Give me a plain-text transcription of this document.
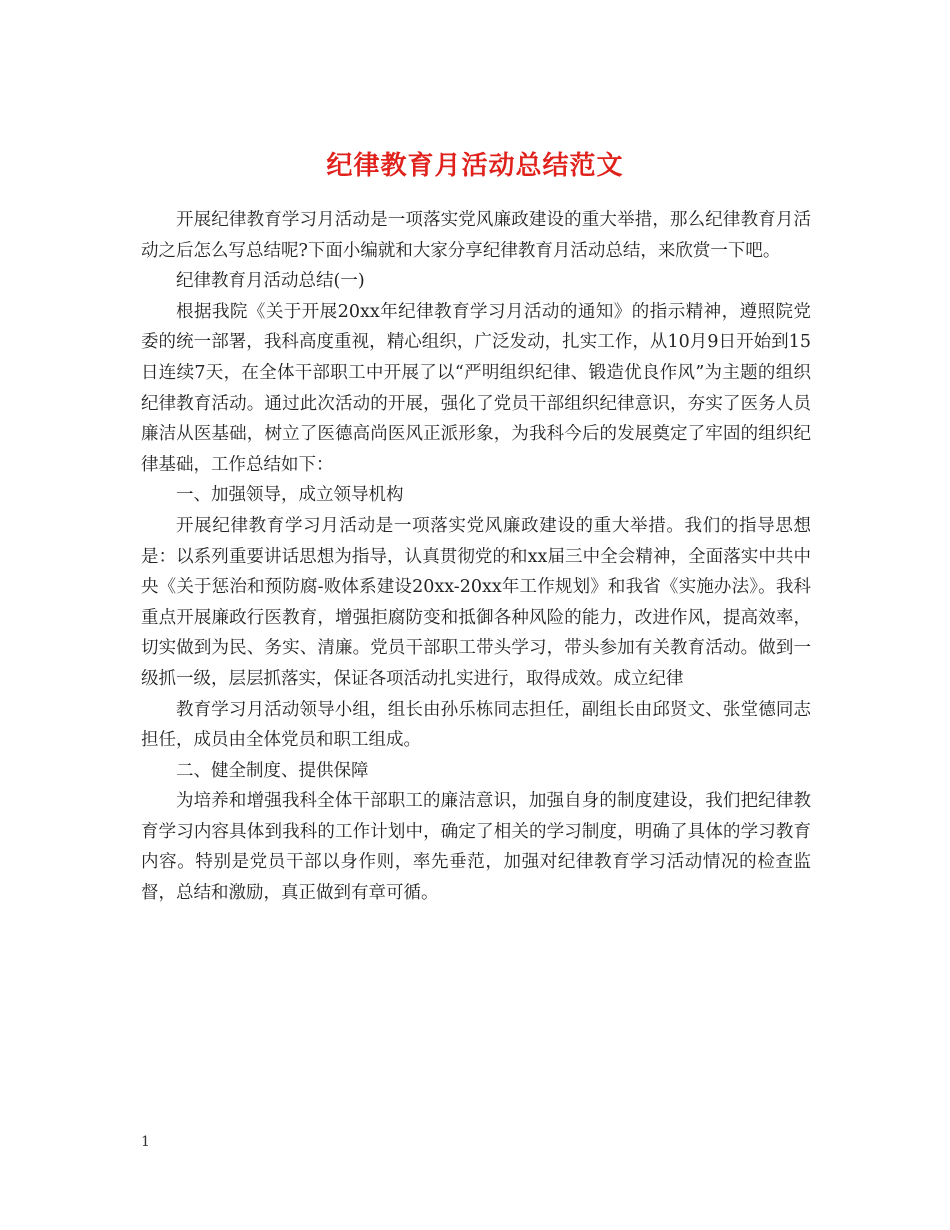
纪律教育月活动总结范文

开展纪律教育学习月活动是一项落实党风廉政建设的重大举措，那么纪律教育月活动之后怎么写总结呢?下面小编就和大家分享纪律教育月活动总结，来欣赏一下吧。

纪律教育月活动总结(一)

根据我院《关于开展20xx年纪律教育学习月活动的通知》的指示精神，遵照院党委的统一部署，我科高度重视，精心组织，广泛发动，扎实工作，从10月9日开始到15日连续7天，在全体干部职工中开展了以“严明组织纪律、锻造优良作风”为主题的组织纪律教育活动。通过此次活动的开展，强化了党员干部组织纪律意识，夯实了医务人员廉洁从医基础，树立了医德高尚医风正派形象，为我科今后的发展奠定了牢固的组织纪律基础，工作总结如下：

一、加强领导，成立领导机构

开展纪律教育学习月活动是一项落实党风廉政建设的重大举措。我们的指导思想是：以系列重要讲话思想为指导，认真贯彻党的和xx届三中全会精神，全面落实中共中央《关于惩治和预防腐-败体系建设20xx-20xx年工作规划》和我省《实施办法》。我科重点开展廉政行医教育，增强拒腐防变和抵御各种风险的能力，改进作风，提高效率，切实做到为民、务实、清廉。党员干部职工带头学习，带头参加有关教育活动。做到一级抓一级，层层抓落实，保证各项活动扎实进行，取得成效。成立纪律

教育学习月活动领导小组，组长由孙乐栋同志担任，副组长由邱贤文、张堂德同志担任，成员由全体党员和职工组成。

二、健全制度、提供保障

为培养和增强我科全体干部职工的廉洁意识，加强自身的制度建设，我们把纪律教育学习内容具体到我科的工作计划中，确定了相关的学习制度，明确了具体的学习教育内容。特别是党员干部以身作则，率先垂范，加强对纪律教育学习活动情况的检查监督，总结和激励，真正做到有章可循。

1
